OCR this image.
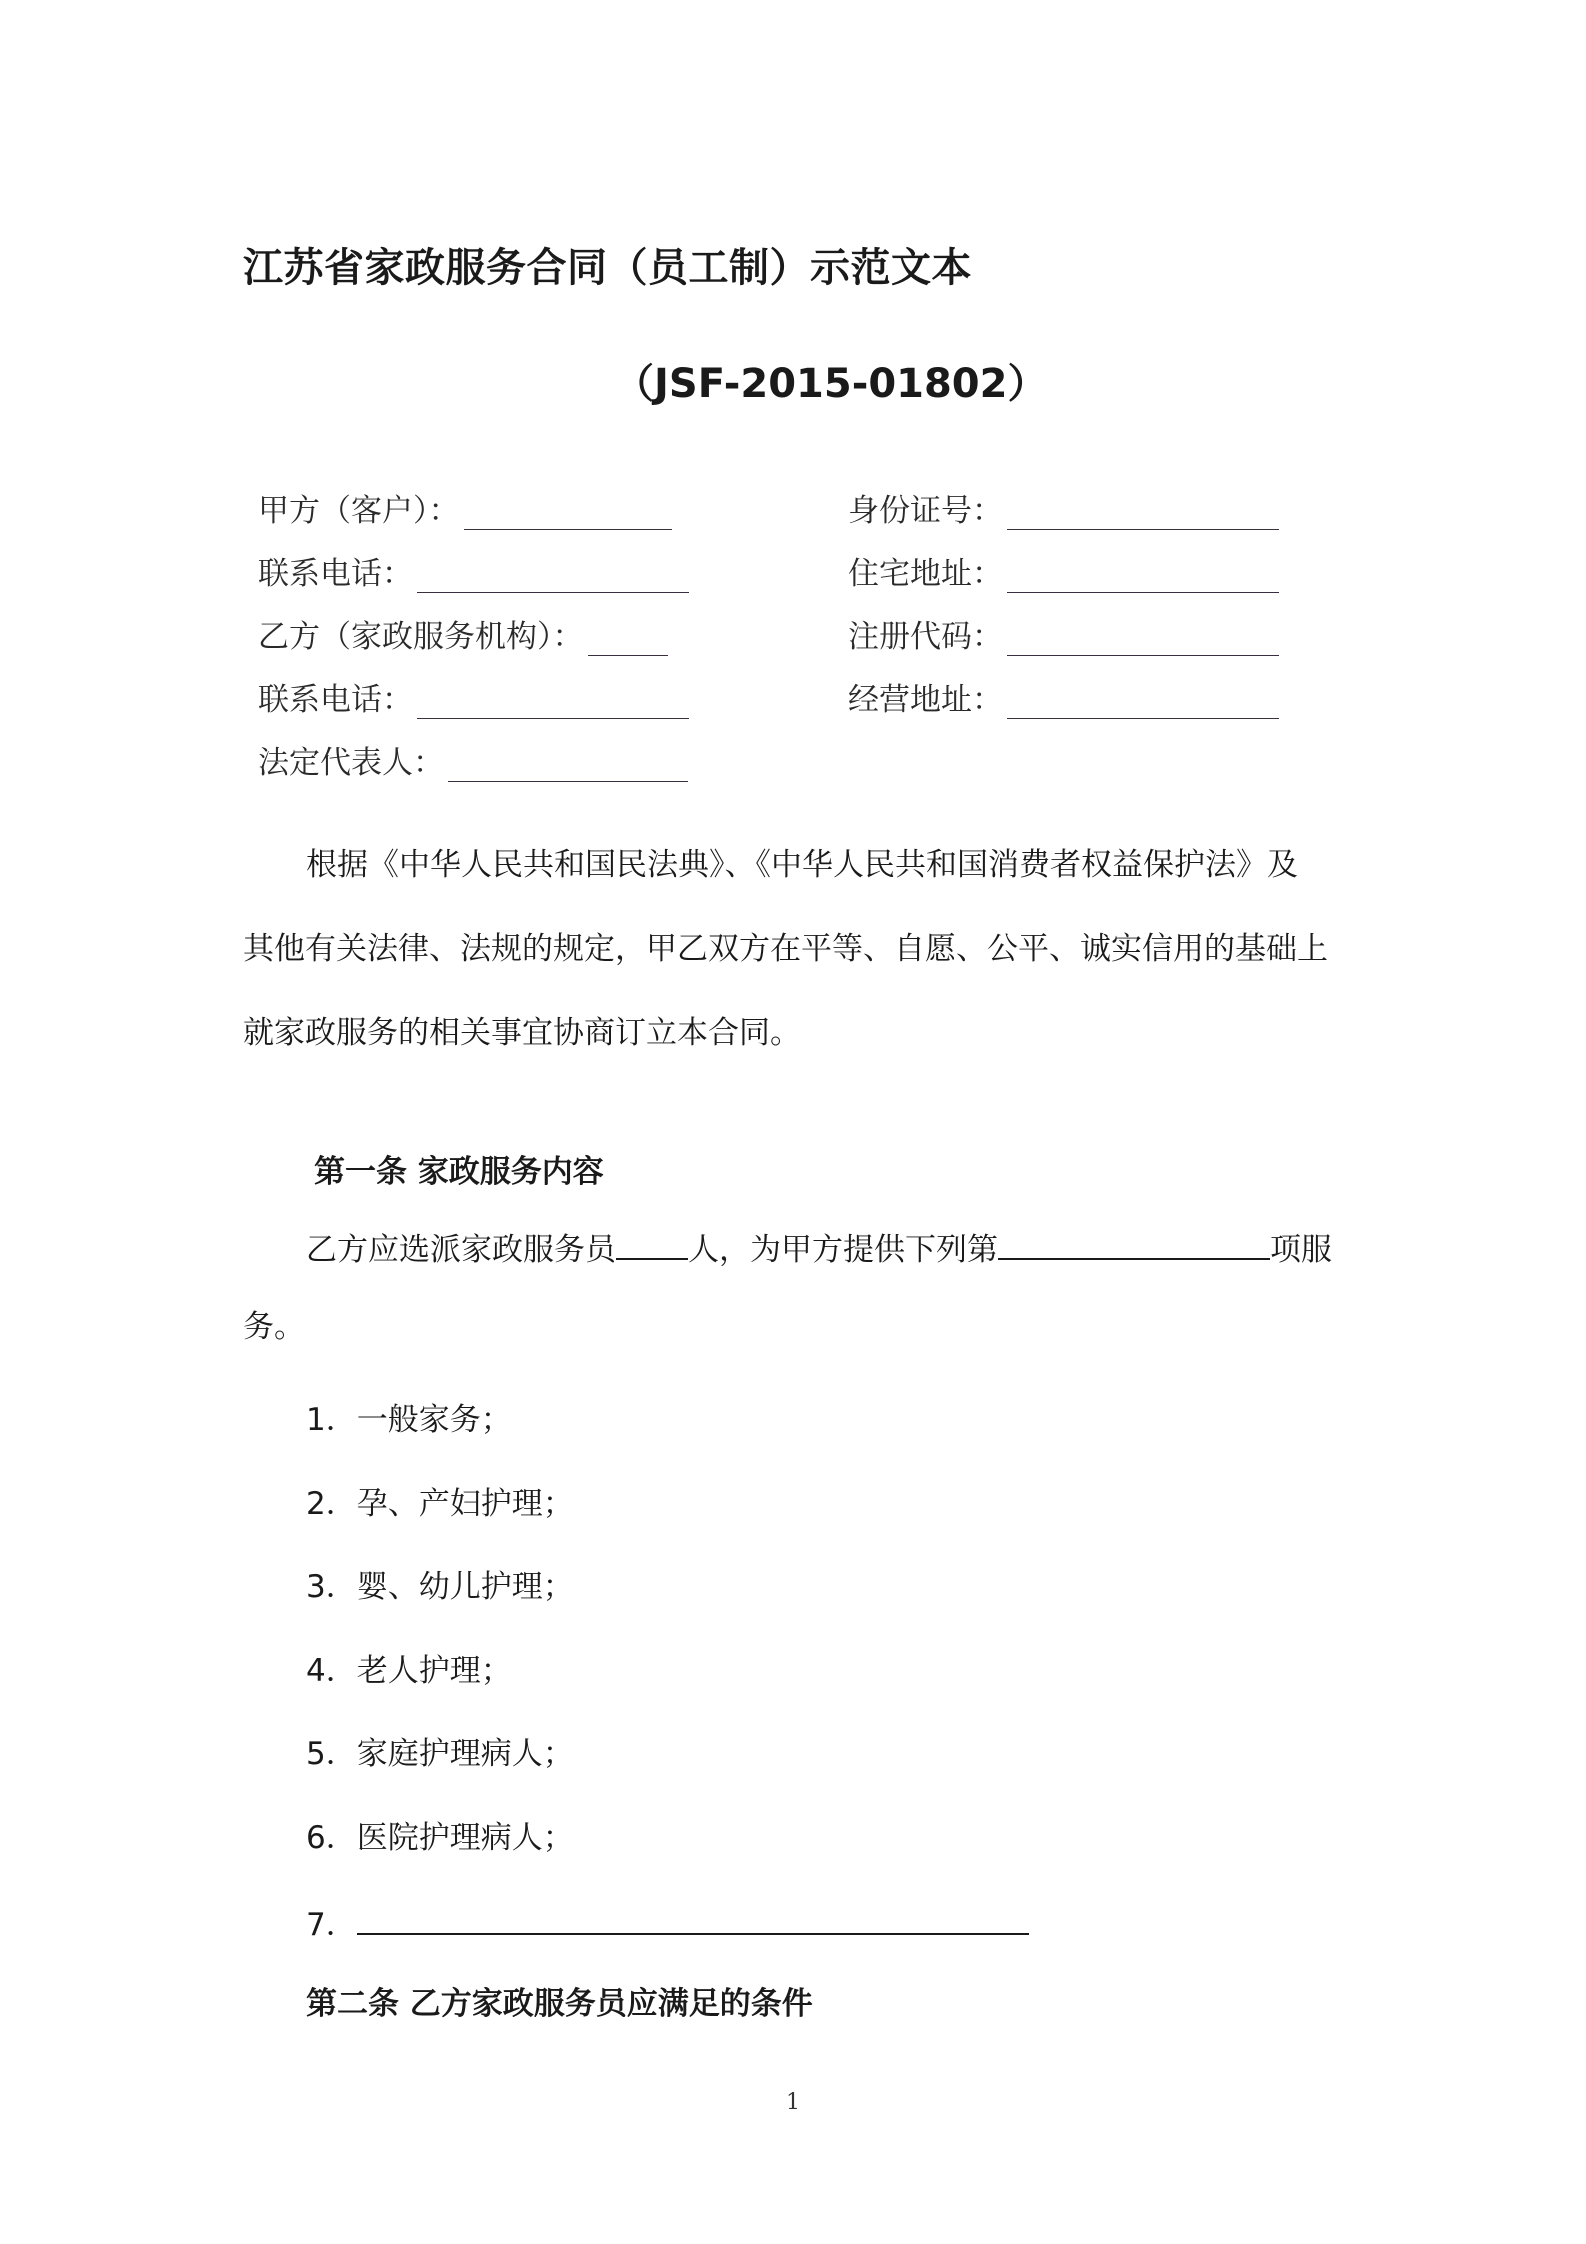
江苏省家政服务合同（员工制）示范文本
（JSF-2015-01802）
甲方（客户）：	身份证号：
联系电话：	住宅地址：
乙方（家政服务机构）：	注册代码：
联系电话：	经营地址：
法定代表人：
根据《中华人民共和国民法典》、《中华人民共和国消费者权益保护法》及
其他有关法律、法规的规定，甲乙双方在平等、自愿、公平、诚实信用的基础上
就家政服务的相关事宜协商订立本合同。
第一条 家政服务内容
乙方应选派家政服务员 人，为甲方提供下列第	项服
务。
1．一般家务；
2．孕、产妇护理；
3．婴、幼儿护理；
4．老人护理；
5．家庭护理病人；
6．医院护理病人；
7．
第二条 乙方家政服务员应满足的条件
1
